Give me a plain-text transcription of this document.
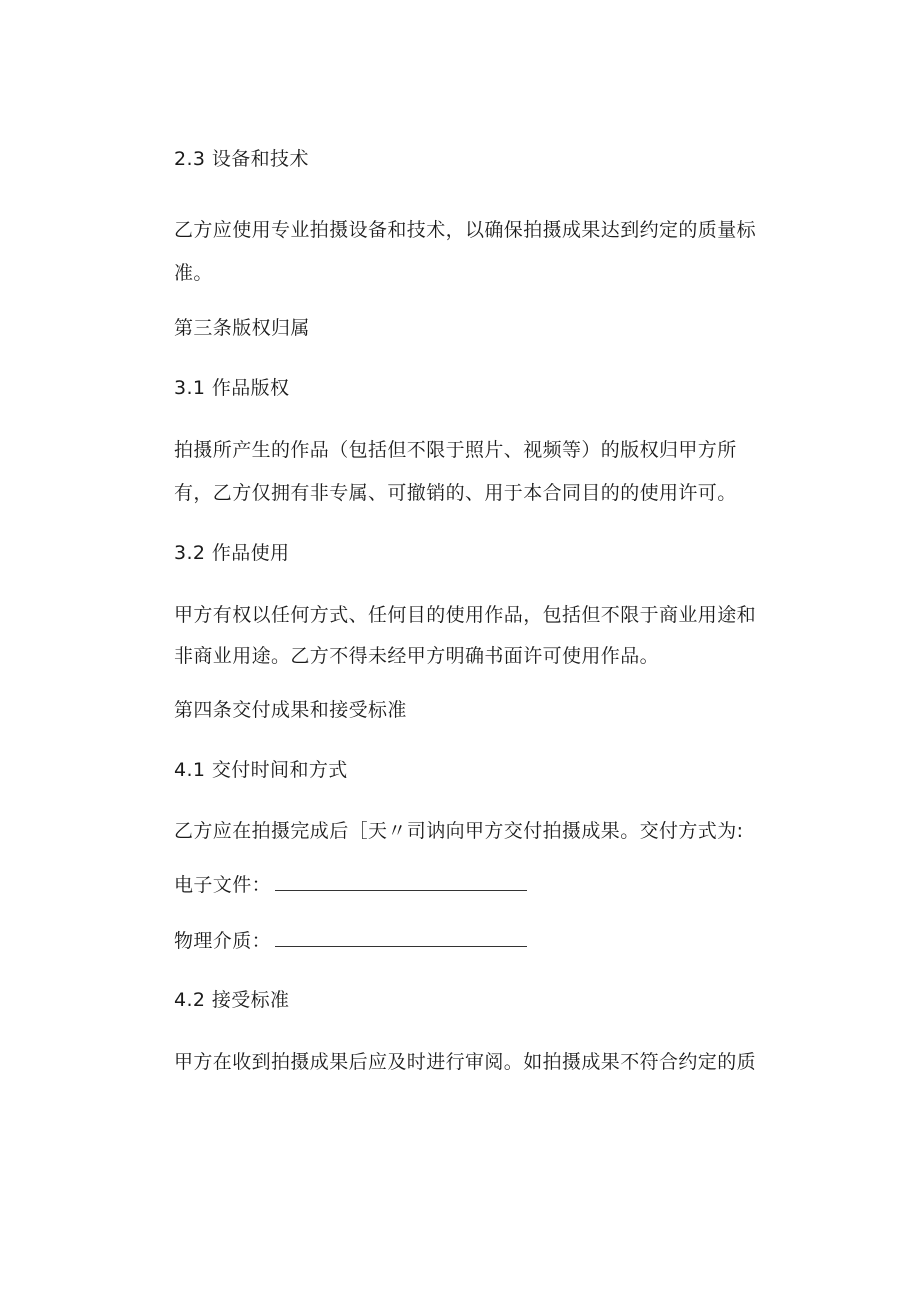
2.3 设备和技术
乙方应使用专业拍摄设备和技术，以确保拍摄成果达到约定的质量标
准。
第三条版权归属
3.1 作品版权
拍摄所产生的作品（包括但不限于照片、视频等）的版权归甲方所
有，乙方仅拥有非专属、可撤销的、用于本合同目的的使用许可。
3.2 作品使用
甲方有权以任何方式、任何目的使用作品，包括但不限于商业用途和
非商业用途。乙方不得未经甲方明确书面许可使用作品。
第四条交付成果和接受标准
4.1 交付时间和方式
乙方应在拍摄完成后［天〃司讷向甲方交付拍摄成果。交付方式为:
电子文件：
物理介质：
4.2 接受标准
甲方在收到拍摄成果后应及时进行审阅。如拍摄成果不符合约定的质
